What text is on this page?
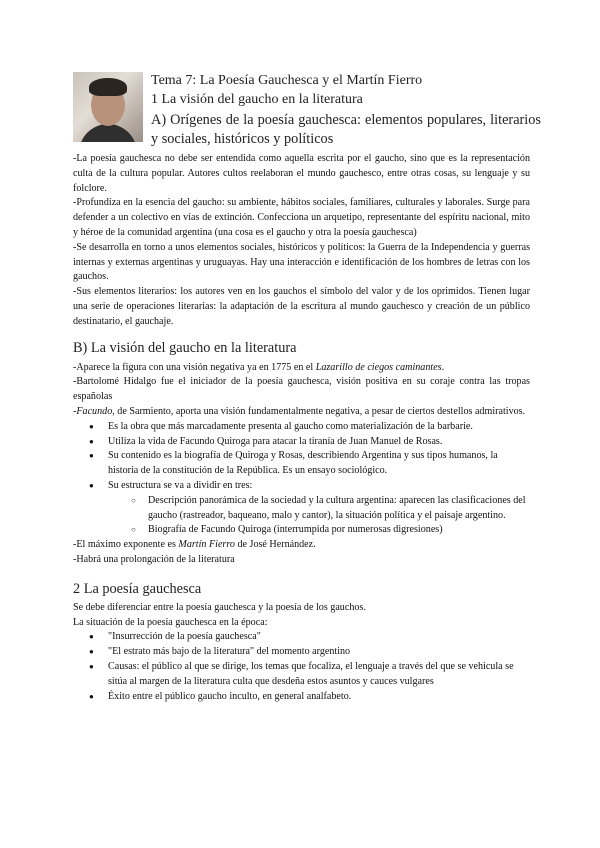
Tema 7: La Poesía Gauchesca y el Martín Fierro
1 La visión del gaucho en la literatura
A) Orígenes de la poesía gauchesca: elementos populares, literarios y sociales, históricos y políticos

-La poesía gauchesca no debe ser entendida como aquella escrita por el gaucho, sino que es la representación culta de la cultura popular. Autores cultos reelaboran el mundo gauchesco, entre otras cosas, su lenguaje y su folclore.

-Profundiza en la esencia del gaucho: su ambiente, hábitos sociales, familiares, culturales y laborales. Surge para defender a un colectivo en vías de extinción. Confecciona un arquetipo, representante del espíritu nacional, mito y héroe de la comunidad argentina (una cosa es el gaucho y otra la poesía gauchesca)

-Se desarrolla en torno a unos elementos sociales, históricos y políticos: la Guerra de la Independencia y guerras internas y externas argentinas y uruguayas. Hay una interacción e identificación de los hombres de letras con los gauchos.

-Sus elementos literarios: los autores ven en los gauchos el símbolo del valor y de los oprimidos. Tienen lugar una serie de operaciones literarias: la adaptación de la escritura al mundo gauchesco y creación de un público destinatario, el gauchaje.

B) La visión del gaucho en la literatura

-Aparece la figura con una visión negativa ya en 1775 en el Lazarillo de ciegos caminantes.

-Bartolomé Hidalgo fue el iniciador de la poesía gauchesca, visión positiva en su coraje contra las tropas españolas

-Facundo, de Sarmiento, aporta una visión fundamentalmente negativa, a pesar de ciertos destellos admirativos.

● Es la obra que más marcadamente presenta al gaucho como materialización de la barbarie.
● Utiliza la vida de Facundo Quiroga para atacar la tiranía de Juan Manuel de Rosas.
● Su contenido es la biografía de Quiroga y Rosas, describiendo Argentina y sus tipos humanos, la historia de la constitución de la República. Es un ensayo sociológico.
● Su estructura se va a dividir en tres:
○ Descripción panorámica de la sociedad y la cultura argentina: aparecen las clasificaciones del gaucho (rastreador, baqueano, malo y cantor), la situación política y el paisaje argentino.
○ Biografía de Facundo Quiroga (interrumpida por numerosas digresiones)

-El máximo exponente es Martín Fierro de José Hernández.

-Habrá una prolongación de la literatura

2 La poesía gauchesca

Se debe diferenciar entre la poesía gauchesca y la poesía de los gauchos.

La situación de la poesía gauchesca en la época:

● "Insurrección de la poesía gauchesca"
● "El estrato más bajo de la literatura" del momento argentino
● Causas: el público al que se dirige, los temas que focaliza, el lenguaje a través del que se vehicula se sitúa al margen de la literatura culta que desdeña estos asuntos y cauces vulgares
● Éxito entre el público gaucho inculto, en general analfabeto.
